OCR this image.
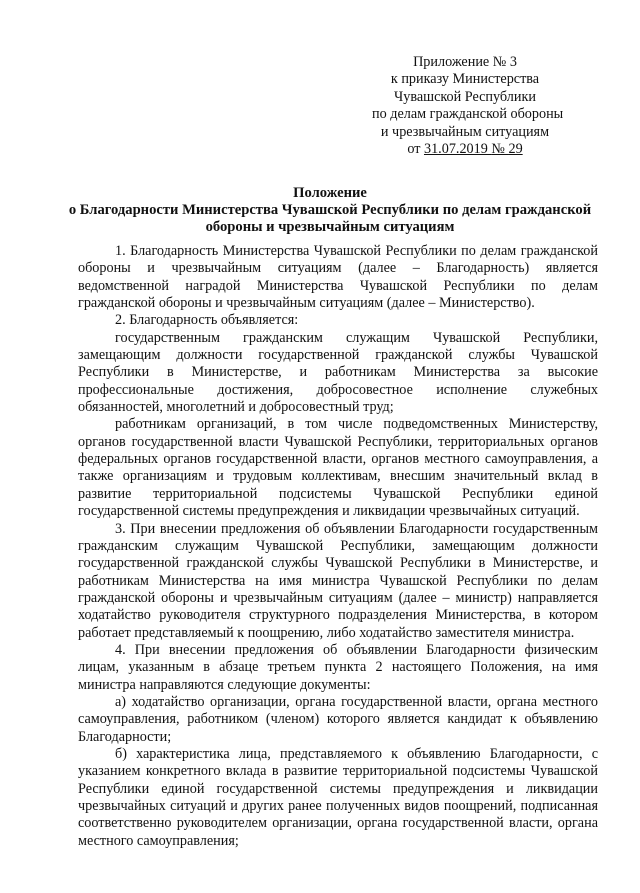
Приложение № 3
к приказу Министерства
Чувашской Республики
по делам гражданской обороны
и чрезвычайным ситуациям
от 31.07.2019 № 29
Положение
о Благодарности Министерства Чувашской Республики по делам гражданской
обороны и чрезвычайным ситуациям

1. Благодарность Министерства Чувашской Республики по делам гражданской обороны и чрезвычайным ситуациям (далее – Благодарность) является ведомственной наградой Министерства Чувашской Республики по делам гражданской обороны и чрезвычайным ситуациям (далее – Министерство).

2. Благодарность объявляется:

государственным гражданским служащим Чувашской Республики, замещающим должности государственной гражданской службы Чувашской Республики в Министерстве, и работникам Министерства за высокие профессиональные достижения, добросовестное исполнение служебных обязанностей, многолетний и добросовестный труд;

работникам организаций, в том числе подведомственных Министерству, органов государственной власти Чувашской Республики, территориальных органов федеральных органов государственной власти, органов местного самоуправления, а также организациям и трудовым коллективам, внесшим значительный вклад в развитие территориальной подсистемы Чувашской Республики единой государственной системы предупреждения и ликвидации чрезвычайных ситуаций.

3. При внесении предложения об объявлении Благодарности государственным гражданским служащим Чувашской Республики, замещающим должности государственной гражданской службы Чувашской Республики в Министерстве, и работникам Министерства на имя министра Чувашской Республики по делам гражданской обороны и чрезвычайным ситуациям (далее – министр) направляется ходатайство руководителя структурного подразделения Министерства, в котором работает представляемый к поощрению, либо ходатайство заместителя министра.

4. При внесении предложения об объявлении Благодарности физическим лицам, указанным в абзаце третьем пункта 2 настоящего Положения, на имя министра направляются следующие документы:

а) ходатайство организации, органа государственной власти, органа местного самоуправления, работником (членом) которого является кандидат к объявлению Благодарности;

б) характеристика лица, представляемого к объявлению Благодарности, с указанием конкретного вклада в развитие территориальной подсистемы Чувашской Республики единой государственной системы предупреждения и ликвидации чрезвычайных ситуаций и других ранее полученных видов поощрений, подписанная соответственно руководителем организации, органа государственной власти, органа местного самоуправления;
